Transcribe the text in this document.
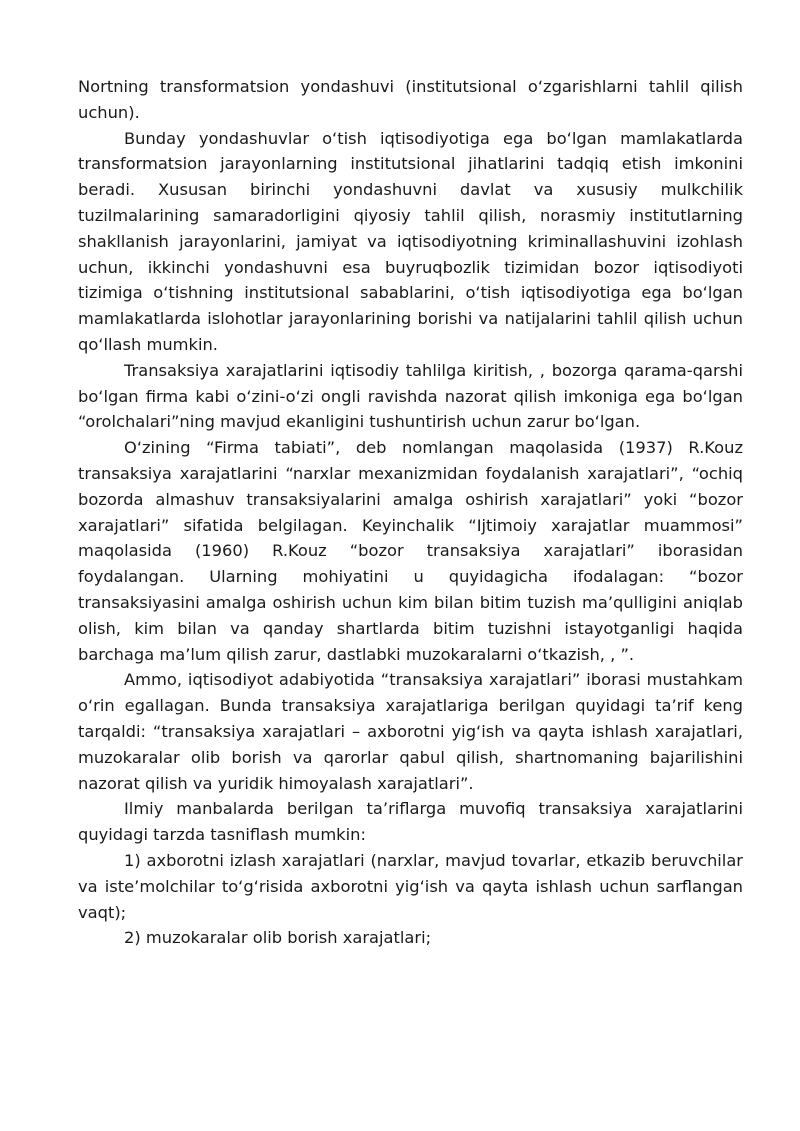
Nortning transformatsion yondashuvi (institutsional o‘zgarishlarni tahlil qilish uchun).

Bunday yondashuvlar o‘tish iqtisodiyotiga ega bo‘lgan mamlakatlarda transformatsion jarayonlarning institutsional jihatlarini tadqiq etish imkonini beradi. Xususan birinchi yondashuvni davlat va xususiy mulkchilik tuzilmalarining samaradorligini qiyosiy tahlil qilish, norasmiy institutlarning shakllanish jarayonlarini, jamiyat va iqtisodiyotning kriminallashuvini izohlash uchun, ikkinchi yondashuvni esa buyruqbozlik tizimidan bozor iqtisodiyoti tizimiga o‘tishning institutsional sabablarini, o‘tish iqtisodiyotiga ega bo‘lgan mamlakatlarda islohotlar jarayonlarining borishi va natijalarini tahlil qilish uchun qo‘llash mumkin.

Transaksiya xarajatlarini iqtisodiy tahlilga kiritish, , bozorga qarama-qarshi bo‘lgan firma kabi o‘zini-o‘zi ongli ravishda nazorat qilish imkoniga ega bo‘lgan “orolchalari”ning mavjud ekanligini tushuntirish uchun zarur bo‘lgan.

O‘zining “Firma tabiati”, deb nomlangan maqolasida (1937) R.Kouz transaksiya xarajatlarini “narxlar mexanizmidan foydalanish xarajatlari”, “ochiq bozorda almashuv transaksiyalarini amalga oshirish xarajatlari” yoki “bozor xarajatlari” sifatida belgilagan. Keyinchalik “Ijtimoiy xarajatlar muammosi” maqolasida (1960) R.Kouz “bozor transaksiya xarajatlari” iborasidan foydalangan. Ularning mohiyatini u quyidagicha ifodalagan: “bozor transaksiyasini amalga oshirish uchun kim bilan bitim tuzish ma’qulligini aniqlab olish, kim bilan va qanday shartlarda bitim tuzishni istayotganligi haqida barchaga ma’lum qilish zarur, dastlabki muzokaralarni o‘tkazish, , ”.

Ammo, iqtisodiyot adabiyotida “transaksiya xarajatlari” iborasi mustahkam o‘rin egallagan. Bunda transaksiya xarajatlariga berilgan quyidagi ta’rif keng tarqaldi: “transaksiya xarajatlari – axborotni yig‘ish va qayta ishlash xarajatlari, muzokaralar olib borish va qarorlar qabul qilish, shartnomaning bajarilishini nazorat qilish va yuridik himoyalash xarajatlari”.

Ilmiy manbalarda berilgan ta’riflarga muvofiq transaksiya xarajatlarini quyidagi tarzda tasniflash mumkin:

1) axborotni izlash xarajatlari (narxlar, mavjud tovarlar, etkazib beruvchilar va iste’molchilar to‘g‘risida axborotni yig‘ish va qayta ishlash uchun sarflangan vaqt);

2) muzokaralar olib borish xarajatlari;
